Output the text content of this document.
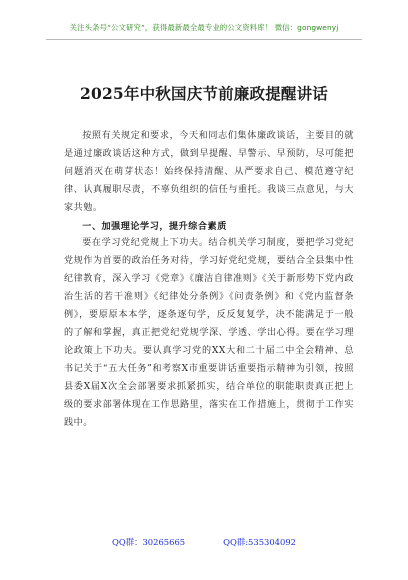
关注头条号“公文研究”，获得最新最全最专业的公文资料库！ 微信：gongwenyj
2025年中秋国庆节前廉政提醒讲话

按照有关规定和要求，今天和同志们集体廉政谈话，主要目的就是通过廉政谈话这种方式，做到早提醒、早警示、早预防，尽可能把问题消灭在萌芽状态！始终保持清醒、从严要求自己、模范遵守纪律、认真履职尽责，不辜负组织的信任与重托。我谈三点意见，与大家共勉。

一、加强理论学习，提升综合素质

要在学习党纪党规上下功夫。结合机关学习制度，要把学习党纪党规作为首要的政治任务对待，学习好党纪党规，要结合全县集中性纪律教育，深入学习《党章》《廉洁自律准则》《关于新形势下党内政治生活的若干准则》《纪律处分条例》《问责条例》和《党内监督条例》，要原原本本学，逐条逐句学，反反复复学，决不能满足于一般的了解和掌握，真正把党纪党规学深、学透、学出心得。要在学习理论政策上下功夫。要认真学习党的XX大和二十届二中全会精神、总书记关于“五大任务”和考察X市重要讲话重要指示精神为引领，按照县委X届X次全会部署要求抓紧抓实，结合单位的职能职责真正把上级的要求部署体现在工作思路里，落实在工作措施上，贯彻于工作实践中。

QQ群：30265665	QQ群:535304092
